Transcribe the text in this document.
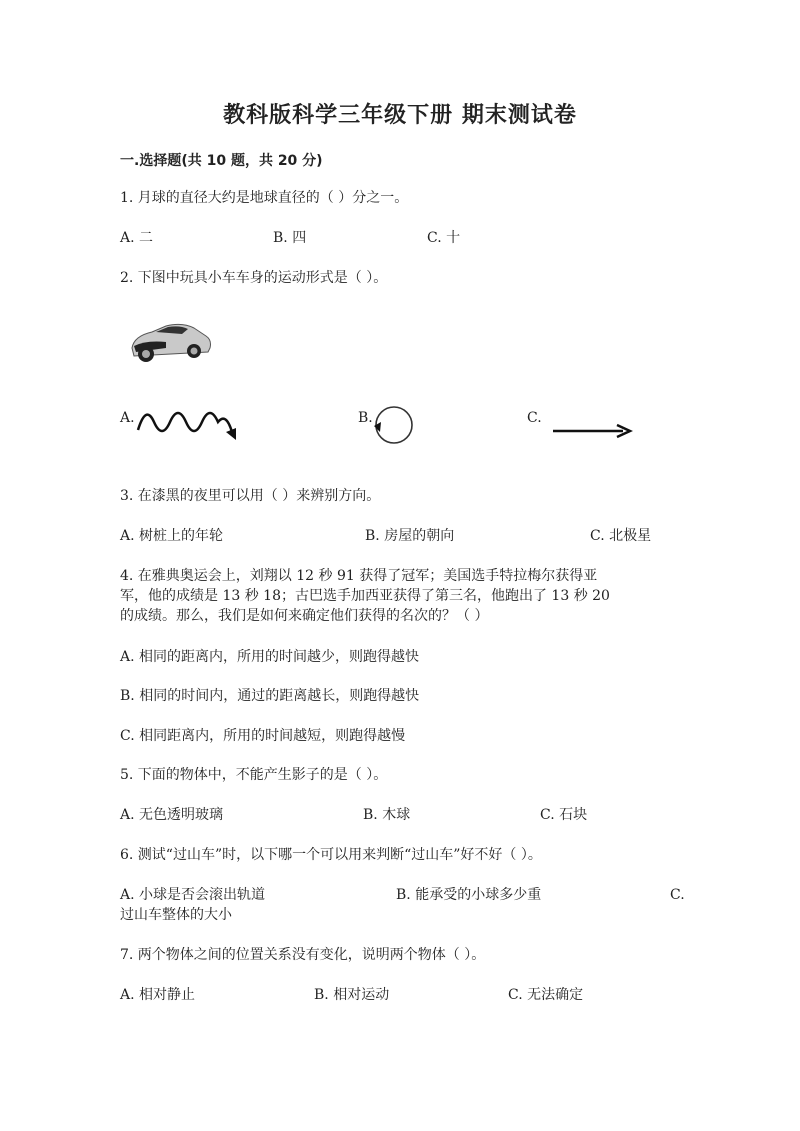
教科版科学三年级下册 期末测试卷
一.选择题(共 10 题，共 20 分)
1. 月球的直径大约是地球直径的（ ）分之一。
A. 二	B. 四	C. 十
2. 下图中玩具小车车身的运动形式是（ ）。
A.	B.	C.
3. 在漆黑的夜里可以用（ ）来辨别方向。
A. 树桩上的年轮	B. 房屋的朝向	C. 北极星
4. 在雅典奥运会上，刘翔以 12 秒 91 获得了冠军；美国选手特拉梅尔获得亚
军，他的成绩是 13 秒 18；古巴选手加西亚获得了第三名，他跑出了 13 秒 20
的成绩。那么，我们是如何来确定他们获得的名次的？（ ）
A. 相同的距离内，所用的时间越少，则跑得越快
B. 相同的时间内，通过的距离越长，则跑得越快
C. 相同距离内，所用的时间越短，则跑得越慢
5. 下面的物体中，不能产生影子的是（ ）。
A. 无色透明玻璃	B. 木球	C. 石块
6. 测试“过山车”时，以下哪一个可以用来判断“过山车”好不好（ ）。
A. 小球是否会滚出轨道	B. 能承受的小球多少重	C.
过山车整体的大小
7. 两个物体之间的位置关系没有变化，说明两个物体（ ）。
A. 相对静止	B. 相对运动	C. 无法确定
